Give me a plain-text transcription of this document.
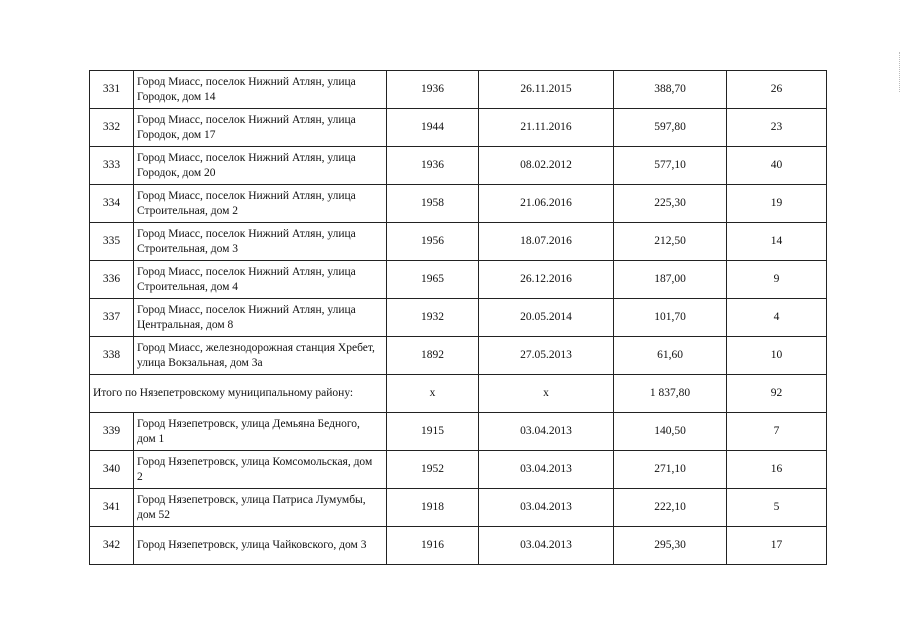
331	Город Миасс, поселок Нижний Атлян, улица Городок, дом 14	1936	26.11.2015	388,70	26
332	Город Миасс, поселок Нижний Атлян, улица Городок, дом 17	1944	21.11.2016	597,80	23
333	Город Миасс, поселок Нижний Атлян, улица Городок, дом 20	1936	08.02.2012	577,10	40
334	Город Миасс, поселок Нижний Атлян, улица Строительная, дом 2	1958	21.06.2016	225,30	19
335	Город Миасс, поселок Нижний Атлян, улица Строительная, дом 3	1956	18.07.2016	212,50	14
336	Город Миасс, поселок Нижний Атлян, улица Строительная, дом 4	1965	26.12.2016	187,00	9
337	Город Миасс, поселок Нижний Атлян, улица Центральная, дом 8	1932	20.05.2014	101,70	4
338	Город Миасс, железнодорожная станция Хребет, улица Вокзальная, дом 3а	1892	27.05.2013	61,60	10
Итого по Нязепетровскому муниципальному району:		x	x	1 837,80	92
339	Город Нязепетровск, улица Демьяна Бедного, дом 1	1915	03.04.2013	140,50	7
340	Город Нязепетровск, улица Комсомольская, дом 2	1952	03.04.2013	271,10	16
341	Город Нязепетровск, улица Патриса Лумумбы, дом 52	1918	03.04.2013	222,10	5
342	Город Нязепетровск, улица Чайковского, дом 3	1916	03.04.2013	295,30	17
